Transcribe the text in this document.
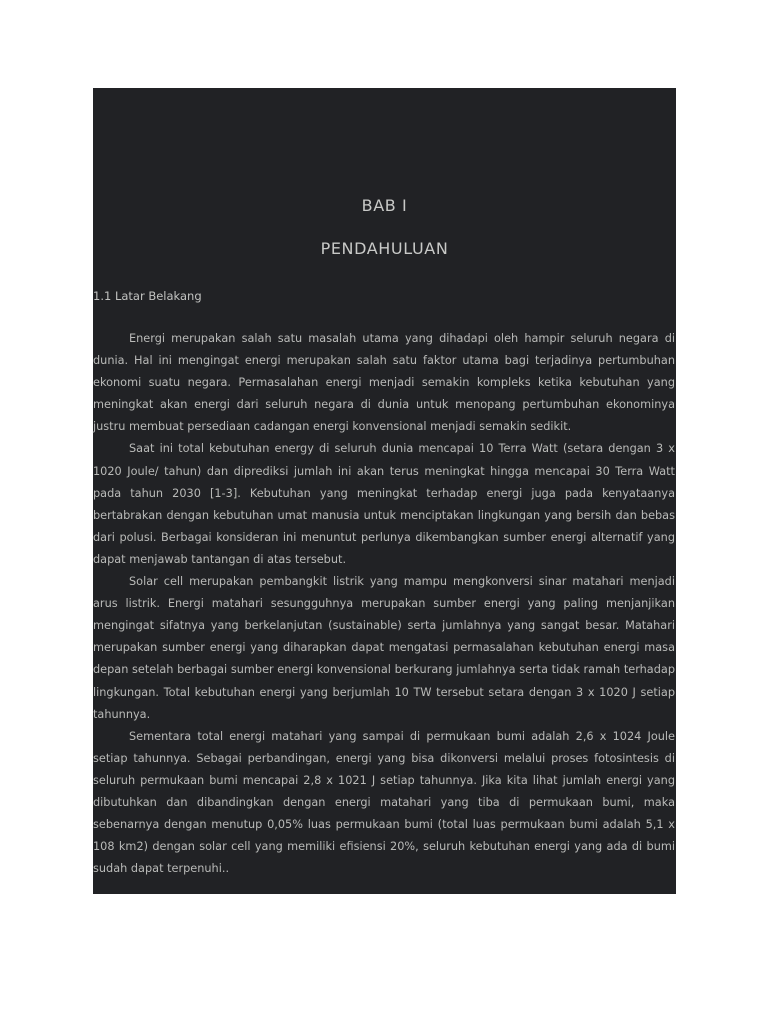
BAB I
PENDAHULUAN
1.1 Latar Belakang

Energi merupakan salah satu masalah utama yang dihadapi oleh hampir seluruh negara di dunia. Hal ini mengingat energi merupakan salah satu faktor utama bagi terjadinya pertumbuhan ekonomi suatu negara. Permasalahan energi menjadi semakin kompleks ketika kebutuhan yang meningkat akan energi dari seluruh negara di dunia untuk menopang pertumbuhan ekonominya justru membuat persediaan cadangan energi konvensional menjadi semakin sedikit.

Saat ini total kebutuhan energy di seluruh dunia mencapai 10 Terra Watt (setara dengan 3 x 1020 Joule/ tahun) dan diprediksi jumlah ini akan terus meningkat hingga mencapai 30 Terra Watt pada tahun 2030 [1-3]. Kebutuhan yang meningkat terhadap energi juga pada kenyataanya bertabrakan dengan kebutuhan umat manusia untuk menciptakan lingkungan yang bersih dan bebas dari polusi. Berbagai konsideran ini menuntut perlunya dikembangkan sumber energi alternatif yang dapat menjawab tantangan di atas tersebut.

Solar cell merupakan pembangkit listrik yang mampu mengkonversi sinar matahari menjadi arus listrik. Energi matahari sesungguhnya merupakan sumber energi yang paling menjanjikan mengingat sifatnya yang berkelanjutan (sustainable) serta jumlahnya yang sangat besar. Matahari merupakan sumber energi yang diharapkan dapat mengatasi permasalahan kebutuhan energi masa depan setelah berbagai sumber energi konvensional berkurang jumlahnya serta tidak ramah terhadap lingkungan. Total kebutuhan energi yang berjumlah 10 TW tersebut setara dengan 3 x 1020 J setiap tahunnya.

Sementara total energi matahari yang sampai di permukaan bumi adalah 2,6 x 1024 Joule setiap tahunnya. Sebagai perbandingan, energi yang bisa dikonversi melalui proses fotosintesis di seluruh permukaan bumi mencapai 2,8 x 1021 J setiap tahunnya. Jika kita lihat jumlah energi yang dibutuhkan dan dibandingkan dengan energi matahari yang tiba di permukaan bumi, maka sebenarnya dengan menutup 0,05% luas permukaan bumi (total luas permukaan bumi adalah 5,1 x 108 km2) dengan solar cell yang memiliki efisiensi 20%, seluruh kebutuhan energi yang ada di bumi sudah dapat terpenuhi..
